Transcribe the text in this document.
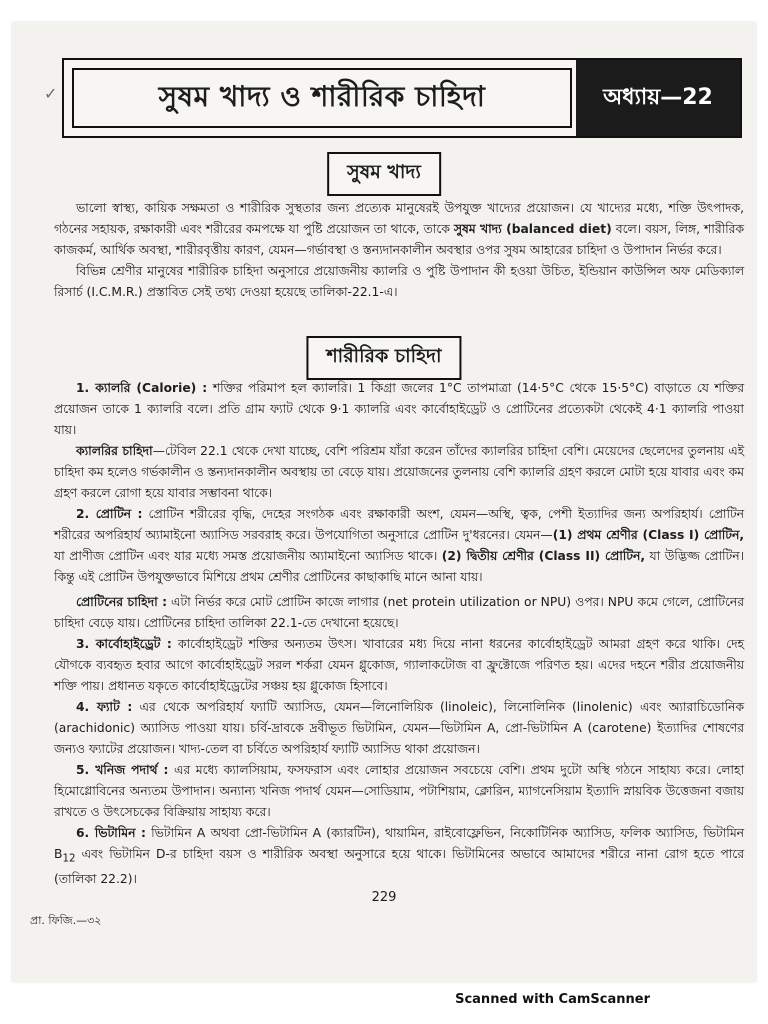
✓	সুষম খাদ্য ও শারীরিক চাহিদা	অধ্যায়—22
সুষম খাদ্য

ভালো স্বাস্থ্য, কায়িক সক্ষমতা ও শারীরিক সুস্থতার জন্য প্রত্যেক মানুষেরই উপযুক্ত খাদ্যের প্রয়োজন। যে খাদ্যের মধ্যে, শক্তি উৎপাদক, গঠনের সহায়ক, রক্ষাকারী এবং শরীরের কমপক্ষে যা পুষ্টি প্রয়োজন তা থাকে, তাকে সুষম খাদ্য (balanced diet) বলে। বয়স, লিঙ্গ, শারীরিক কাজকর্ম, আর্থিক অবস্থা, শারীরবৃত্তীয় কারণ, যেমন—গর্ভাবস্থা ও স্তন্যদানকালীন অবস্থার ওপর সুষম আহারের চাহিদা ও উপাদান নির্ভর করে।

বিভিন্ন শ্রেণীর মানুষের শারীরিক চাহিদা অনুসারে প্রয়োজনীয় ক্যালরি ও পুষ্টি উপাদান কী হওয়া উচিত, ইন্ডিয়ান কাউন্সিল অফ মেডিক্যাল রিসার্চ (I.C.M.R.) প্রস্তাবিত সেই তথ্য দেওয়া হয়েছে তালিকা-22.1-এ।

শারীরিক চাহিদা

1. ক্যালরি (Calorie) : শক্তির পরিমাপ হল ক্যালরি। 1 কিগ্রা জলের 1°C তাপমাত্রা (14·5°C থেকে 15·5°C) বাড়াতে যে শক্তির প্রয়োজন তাকে 1 ক্যালরি বলে। প্রতি গ্রাম ফ্যাট থেকে 9·1 ক্যালরি এবং কার্বোহাইড্রেট ও প্রোটিনের প্রত্যেকটা থেকেই 4·1 ক্যালরি পাওয়া যায়।

ক্যালরির চাহিদা—টেবিল 22.1 থেকে দেখা যাচ্ছে, বেশি পরিশ্রম যাঁরা করেন তাঁদের ক্যালরির চাহিদা বেশি। মেয়েদের ছেলেদের তুলনায় এই চাহিদা কম হলেও গর্ভকালীন ও স্তন্যদানকালীন অবস্থায় তা বেড়ে যায়। প্রয়োজনের তুলনায় বেশি ক্যালরি গ্রহণ করলে মোটা হয়ে যাবার এবং কম গ্রহণ করলে রোগা হয়ে যাবার সম্ভাবনা থাকে।

2. প্রোটিন : প্রোটিন শরীরের বৃদ্ধি, দেহের সংগঠক এবং রক্ষাকারী অংশ, যেমন—অস্থি, ত্বক, পেশী ইত্যাদির জন্য অপরিহার্য। প্রোটিন শরীরের অপরিহার্য অ্যামাইনো অ্যাসিড সরবরাহ করে। উপযোগিতা অনুসারে প্রোটিন দু'ধরনের। যেমন—(1) প্রথম শ্রেণীর (Class I) প্রোটিন, যা প্রাণীজ প্রোটিন এবং যার মধ্যে সমস্ত প্রয়োজনীয় অ্যামাইনো অ্যাসিড থাকে। (2) দ্বিতীয় শ্রেণীর (Class II) প্রোটিন, যা উদ্ভিজ্জ প্রোটিন। কিন্তু এই প্রোটিন উপযুক্তভাবে মিশিয়ে প্রথম শ্রেণীর প্রোটিনের কাছাকাছি মানে আনা যায়।

প্রোটিনের চাহিদা : এটা নির্ভর করে মোট প্রোটিন কাজে লাগার (net protein utilization or NPU) ওপর। NPU কমে গেলে, প্রোটিনের চাহিদা বেড়ে যায়। প্রোটিনের চাহিদা তালিকা 22.1-তে দেখানো হয়েছে।

3. কার্বোহাইড্রেট : কার্বোহাইড্রেট শক্তির অন্যতম উৎস। খাবারের মধ্য দিয়ে নানা ধরনের কার্বোহাইড্রেট আমরা গ্রহণ করে থাকি। দেহ যৌগকে ব্যবহৃত হবার আগে কার্বোহাইড্রেট সরল শর্করা যেমন গ্লুকোজ, গ্যালাকটোজ বা ফ্রুক্টোজে পরিণত হয়। এদের দহনে শরীর প্রয়োজনীয় শক্তি পায়। প্রধানত যকৃতে কার্বোহাইড্রেটের সঞ্চয় হয় গ্লুকোজ হিসাবে।

4. ফ্যাট : এর থেকে অপরিহার্য ফ্যাটি অ্যাসিড, যেমন—লিনোলিয়িক (linoleic), লিনোলিনিক (linolenic) এবং অ্যারাচিডোনিক (arachidonic) অ্যাসিড পাওয়া যায়। চর্বি-দ্রাবকে দ্রবীভূত ভিটামিন, যেমন—ভিটামিন A, প্রো-ভিটামিন A (carotene) ইত্যাদির শোষণের জন্যও ফ্যাটের প্রয়োজন। খাদ্য-তেল বা চর্বিতে অপরিহার্য ফ্যাটি অ্যাসিড থাকা প্রয়োজন।

5. খনিজ পদার্থ : এর মধ্যে ক্যালসিয়াম, ফসফরাস এবং লোহার প্রয়োজন সবচেয়ে বেশি। প্রথম দুটো অস্থি গঠনে সাহায্য করে। লোহা হিমোগ্লোবিনের অন্যতম উপাদান। অন্যান্য খনিজ পদার্থ যেমন—সোডিয়াম, পটাশিয়াম, ক্লোরিন, ম্যাগনেসিয়াম ইত্যাদি স্নায়বিক উত্তেজনা বজায় রাখতে ও উৎসেচকের বিক্রিয়ায় সাহায্য করে।

6. ভিটামিন : ভিটামিন A অথবা প্রো-ভিটামিন A (ক্যারটিন), থায়ামিন, রাইবোফ্লেভিন, নিকোটিনিক অ্যাসিড, ফলিক অ্যাসিড, ভিটামিন $B_{12}$ এবং ভিটামিন D-র চাহিদা বয়স ও শারীরিক অবস্থা অনুসারে হয়ে থাকে। ভিটামিনের অভাবে আমাদের শরীরে নানা রোগ হতে পারে (তালিকা 22.2)।

229
প্রা. ফিজি.—৩২
Scanned with CamScanner
